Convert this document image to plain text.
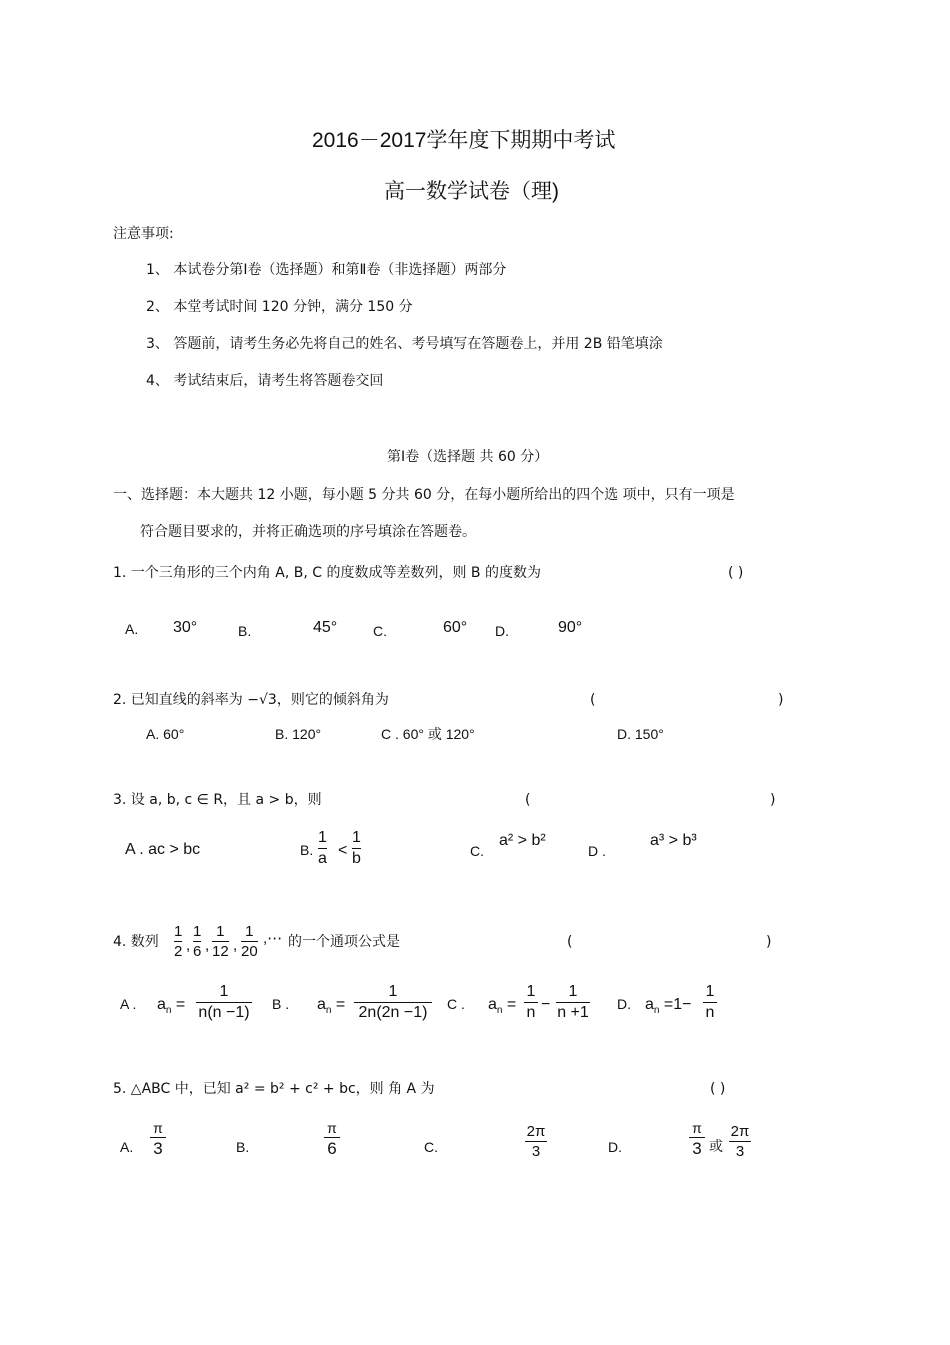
2016－2017学年度下期期中考试
高一数学试卷（理)
注意事项:
1、 本试卷分第Ⅰ卷（选择题）和第Ⅱ卷（非选择题）两部分
2、 本堂考试时间 120 分钟，满分 150 分
3、 答题前，请考生务必先将自己的姓名、考号填写在答题卷上，并用 2B 铅笔填涂
4、 考试结束后，请考生将答题卷交回
第Ⅰ卷（选择题 共 60 分）
一、选择题：本大题共 12 小题，每小题 5 分共 60 分，在每小题所给出的四个选 项中，只有一项是
符合题目要求的，并将正确选项的序号填涂在答题卷。
1. 一个三角形的三个内角 A, B, C 的度数成等差数列，则 B 的度数为	( )
A. 30°	B.	45°	C.	60° D.	90°
2. 已知直线的斜率为 −√3，则它的倾斜角为	(	)
A. 60°	B. 120°	C . 60° 或 120°	D. 150°
3. 设 a, b, c ∈ R，且 a > b，则	(	)
A . ac > bc	B.
1
a <
1
b	C.
a² > b²
D .
a³ > b³
4. 数列
1
2 ,
1
6 ,
1
12 ,
1
20
,⋯ 的一个通项公式是	(	)
A . $a_n$ =
1
n(n −1) B . $a_n$ =
1
2n(2n −1)	C . $a_n$ =
1
n −
1
n +1 D. $a_n =1-$
1
n
5. △ABC 中，已知 a² = b² + c² + bc，则 角 A 为	( )
A.
π
3	B.
π
6	C.
2π
3	D.
π
3 或
2π
3
